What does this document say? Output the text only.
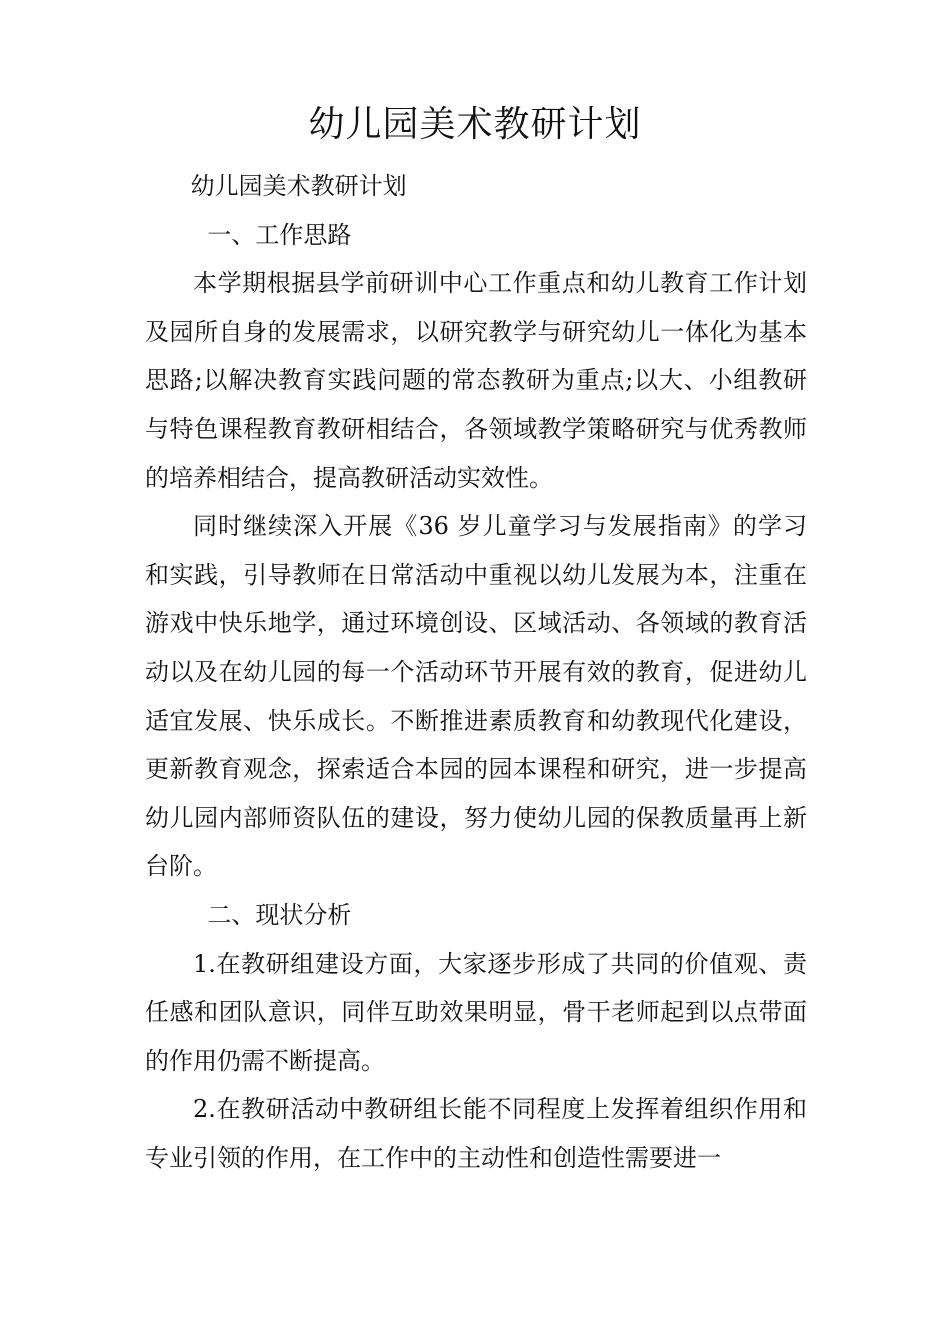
幼儿园美术教研计划

幼儿园美术教研计划

一、工作思路

本学期根据县学前研训中心工作重点和幼儿教育工作计划及园所自身的发展需求，以研究教学与研究幼儿一体化为基本思路;以解决教育实践问题的常态教研为重点;以大、小组教研与特色课程教育教研相结合，各领域教学策略研究与优秀教师的培养相结合，提高教研活动实效性。

同时继续深入开展《36 岁儿童学习与发展指南》的学习和实践，引导教师在日常活动中重视以幼儿发展为本，注重在游戏中快乐地学，通过环境创设、区域活动、各领域的教育活动以及在幼儿园的每一个活动环节开展有效的教育，促进幼儿适宜发展、快乐成长。不断推进素质教育和幼教现代化建设，更新教育观念，探索适合本园的园本课程和研究，进一步提高幼儿园内部师资队伍的建设，努力使幼儿园的保教质量再上新台阶。

二、现状分析

1.在教研组建设方面，大家逐步形成了共同的价值观、责任感和团队意识，同伴互助效果明显，骨干老师起到以点带面的作用仍需不断提高。

2.在教研活动中教研组长能不同程度上发挥着组织作用和专业引领的作用，在工作中的主动性和创造性需要进一
